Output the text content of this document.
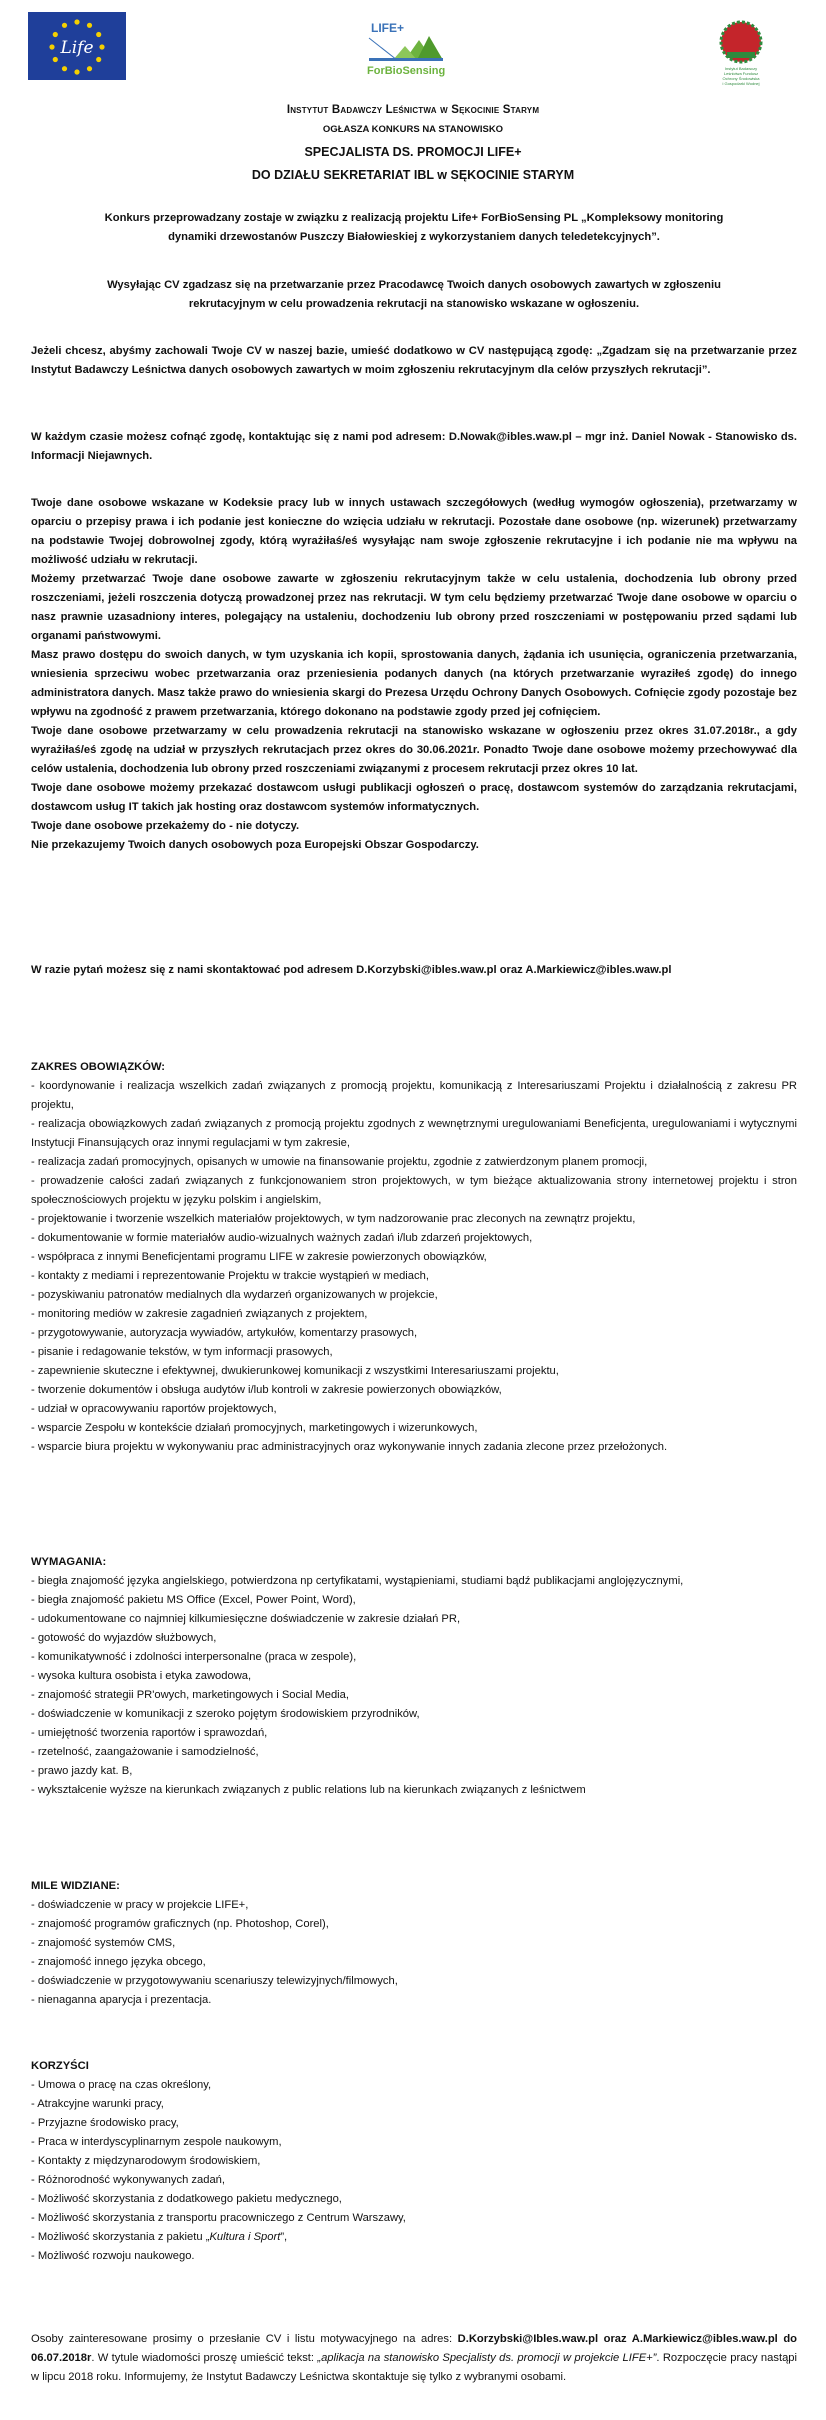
Life
LIFE+
ForBioSensing	Instytut Badawczy
Leśnictwa Fundusz
Ochrony Środowiska
i Gospodarki Wodnej
Instytut Badawczy Leśnictwa w Sękocinie Starym
OGŁASZA KONKURS NA STANOWISKO
SPECJALISTA DS. PROMOCJI LIFE+
DO DZIAŁU SEKRETARIAT IBL w SĘKOCINIE STARYM
Konkurs przeprowadzany zostaje w związku z realizacją projektu Life+ ForBioSensing PL „Kompleksowy monitoring
dynamiki drzewostanów Puszczy Białowieskiej z wykorzystaniem danych teledetekcyjnych”.
Wysyłając CV zgadzasz się na przetwarzanie przez Pracodawcę Twoich danych osobowych zawartych w zgłoszeniu
rekrutacyjnym w celu prowadzenia rekrutacji na stanowisko wskazane w ogłoszeniu.

Jeżeli chcesz, abyśmy zachowali Twoje CV w naszej bazie, umieść dodatkowo w CV następującą zgodę: „Zgadzam się na przetwarzanie przez Instytut Badawczy Leśnictwa danych osobowych zawartych w moim zgłoszeniu rekrutacyjnym dla celów przyszłych rekrutacji”.

W każdym czasie możesz cofnąć zgodę, kontaktując się z nami pod adresem: D.Nowak@ibles.waw.pl – mgr inż. Daniel Nowak - Stanowisko ds. Informacji Niejawnych.

Twoje dane osobowe wskazane w Kodeksie pracy lub w innych ustawach szczegółowych (według wymogów ogłoszenia), przetwarzamy w oparciu o przepisy prawa i ich podanie jest konieczne do wzięcia udziału w rekrutacji. Pozostałe dane osobowe (np. wizerunek) przetwarzamy na podstawie Twojej dobrowolnej zgody, którą wyrażiłaś/eś wysyłając nam swoje zgłoszenie rekrutacyjne i ich podanie nie ma wpływu na możliwość udziału w rekrutacji.

Możemy przetwarzać Twoje dane osobowe zawarte w zgłoszeniu rekrutacyjnym także w celu ustalenia, dochodzenia lub obrony przed roszczeniami, jeżeli roszczenia dotyczą prowadzonej przez nas rekrutacji. W tym celu będziemy przetwarzać Twoje dane osobowe w oparciu o nasz prawnie uzasadniony interes, polegający na ustaleniu, dochodzeniu lub obrony przed roszczeniami w postępowaniu przed sądami lub organami państwowymi.

Masz prawo dostępu do swoich danych, w tym uzyskania ich kopii, sprostowania danych, żądania ich usunięcia, ograniczenia przetwarzania, wniesienia sprzeciwu wobec przetwarzania oraz przeniesienia podanych danych (na których przetwarzanie wyraziłeś zgodę) do innego administratora danych. Masz także prawo do wniesienia skargi do Prezesa Urzędu Ochrony Danych Osobowych. Cofnięcie zgody pozostaje bez wpływu na zgodność z prawem przetwarzania, którego dokonano na podstawie zgody przed jej cofnięciem.

Twoje dane osobowe przetwarzamy w celu prowadzenia rekrutacji na stanowisko wskazane w ogłoszeniu przez okres 31.07.2018r., a gdy wyrażiłaś/eś zgodę na udział w przyszłych rekrutacjach przez okres do 30.06.2021r. Ponadto Twoje dane osobowe możemy przechowywać dla celów ustalenia, dochodzenia lub obrony przed roszczeniami związanymi z procesem rekrutacji przez okres 10 lat.

Twoje dane osobowe możemy przekazać dostawcom usługi publikacji ogłoszeń o pracę, dostawcom systemów do zarządzania rekrutacjami, dostawcom usług IT takich jak hosting oraz dostawcom systemów informatycznych.

Twoje dane osobowe przekażemy do - nie dotyczy.

Nie przekazujemy Twoich danych osobowych poza Europejski Obszar Gospodarczy.

W razie pytań możesz się z nami skontaktować pod adresem D.Korzybski@ibles.waw.pl oraz A.Markiewicz@ibles.waw.pl

ZAKRES OBOWIĄZKÓW:
- koordynowanie i realizacja wszelkich zadań związanych z promocją projektu, komunikacją z Interesariuszami Projektu i działalnością z zakresu PR projektu,
- realizacja obowiązkowych zadań związanych z promocją projektu zgodnych z wewnętrznymi uregulowaniami Beneficjenta, uregulowaniami i wytycznymi Instytucji Finansujących oraz innymi regulacjami w tym zakresie,
- realizacja zadań promocyjnych, opisanych w umowie na finansowanie projektu, zgodnie z zatwierdzonym planem promocji,
- prowadzenie całości zadań związanych z funkcjonowaniem stron projektowych, w tym bieżące aktualizowania strony internetowej projektu i stron społecznościowych projektu w języku polskim i angielskim,
- projektowanie i tworzenie wszelkich materiałów projektowych, w tym nadzorowanie prac zleconych na zewnątrz projektu,
- dokumentowanie w formie materiałów audio-wizualnych ważnych zadań i/lub zdarzeń projektowych,
- współpraca z innymi Beneficjentami programu LIFE w zakresie powierzonych obowiązków,
- kontakty z mediami i reprezentowanie Projektu w trakcie wystąpień w mediach,
- pozyskiwaniu patronatów medialnych dla wydarzeń organizowanych w projekcie,
- monitoring mediów w zakresie zagadnień związanych z projektem,
- przygotowywanie, autoryzacja wywiadów, artykułów, komentarzy prasowych,
- pisanie i redagowanie tekstów, w tym informacji prasowych,
- zapewnienie skuteczne i efektywnej, dwukierunkowej komunikacji z wszystkimi Interesariuszami projektu,
- tworzenie dokumentów i obsługa audytów i/lub kontroli w zakresie powierzonych obowiązków,
- udział w opracowywaniu raportów projektowych,
- wsparcie Zespołu w kontekście działań promocyjnych, marketingowych i wizerunkowych,
- wsparcie biura projektu w wykonywaniu prac administracyjnych oraz wykonywanie innych zadania zlecone przez przełożonych.
WYMAGANIA:
- biegła znajomość języka angielskiego, potwierdzona np certyfikatami, wystąpieniami, studiami bądź publikacjami anglojęzycznymi,
- biegła znajomość pakietu MS Office (Excel, Power Point, Word),
- udokumentowane co najmniej kilkumiesięczne doświadczenie w zakresie działań PR,
- gotowość do wyjazdów służbowych,
- komunikatywność i zdolności interpersonalne (praca w zespole),
- wysoka kultura osobista i etyka zawodowa,
- znajomość strategii PR'owych, marketingowych i Social Media,
- doświadczenie w komunikacji z szeroko pojętym środowiskiem przyrodników,
- umiejętność tworzenia raportów i sprawozdań,
- rzetelność, zaangażowanie i samodzielność,
- prawo jazdy kat. B,
- wykształcenie wyższe na kierunkach związanych z public relations lub na kierunkach związanych z leśnictwem
MILE WIDZIANE:
- doświadczenie w pracy w projekcie LIFE+,
- znajomość programów graficznych (np. Photoshop, Corel),
- znajomość systemów CMS,
- znajomość innego języka obcego,
- doświadczenie w przygotowywaniu scenariuszy telewizyjnych/filmowych,
- nienaganna aparycja i prezentacja.
KORZYŚCI
- Umowa o pracę na czas określony,
- Atrakcyjne warunki pracy,
- Przyjazne środowisko pracy,
- Praca w interdyscyplinarnym zespole naukowym,
- Kontakty z międzynarodowym środowiskiem,
- Różnorodność wykonywanych zadań,
- Możliwość skorzystania z dodatkowego pakietu medycznego,
- Możliwość skorzystania z transportu pracowniczego z Centrum Warszawy,
- Możliwość skorzystania z pakietu „Kultura i Sport”,
- Możliwość rozwoju naukowego.

Osoby zainteresowane prosimy o przesłanie CV i listu motywacyjnego na adres: D.Korzybski@Ibles.waw.pl oraz A.Markiewicz@ibles.waw.pl do 06.07.2018r. W tytule wiadomości proszę umieścić tekst: „aplikacja na stanowisko Specjalisty ds. promocji w projekcie LIFE+”. Rozpoczęcie pracy nastąpi w lipcu 2018 roku. Informujemy, że Instytut Badawczy Leśnictwa skontaktuje się tylko z wybranymi osobami.
